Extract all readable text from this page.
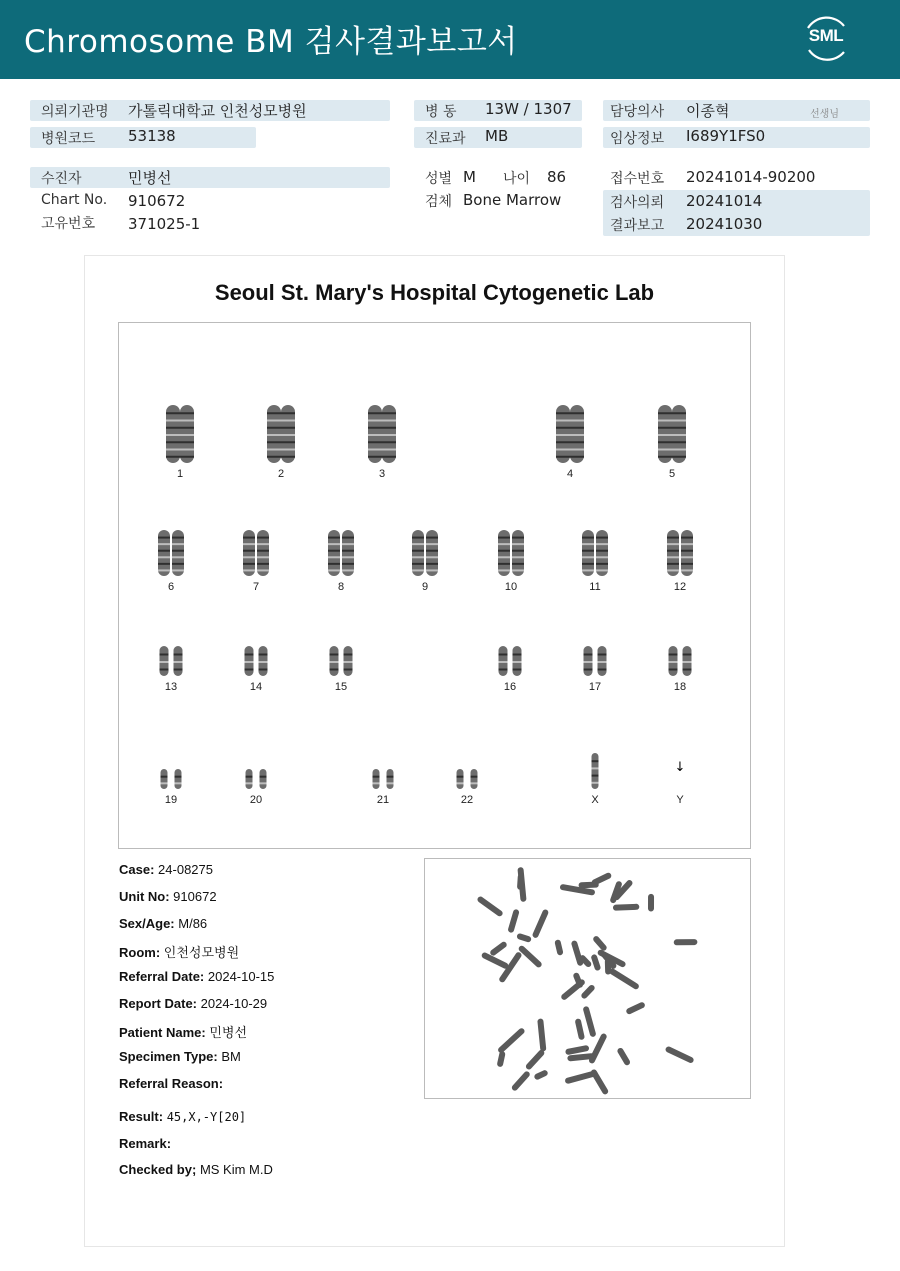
Chromosome BM 검사결과보고서	SML
의뢰기관명 가톨릭대학교 인천성모병원
병원코드 53138
병 동 13W / 1307
진료과 MB
담당의사 이종혁	선생님
임상정보 I689Y1FS0
수진자	민병선
Chart No. 910672
고유번호 371025-1
성별 M 나이 86
검체 Bone Marrow
접수번호 20241014-90200
검사의뢰 20241014
결과보고 20241030
Seoul St. Mary's Hospital Cytogenetic Lab
1	2	3	4	5
6	7	8	9	10	11	12
13	14	15	16	17	18
19	20	21	22	X	Y
↓
Case: 24-08275
Unit No: 910672
Sex/Age: M/86
Room: 인천성모병원
Referral Date: 2024-10-15
Report Date: 2024-10-29
Patient Name: 민병선
Specimen Type: BM
Referral Reason:
Result: 45,X,-Y[20]
Remark:
Checked by; MS Kim M.D
